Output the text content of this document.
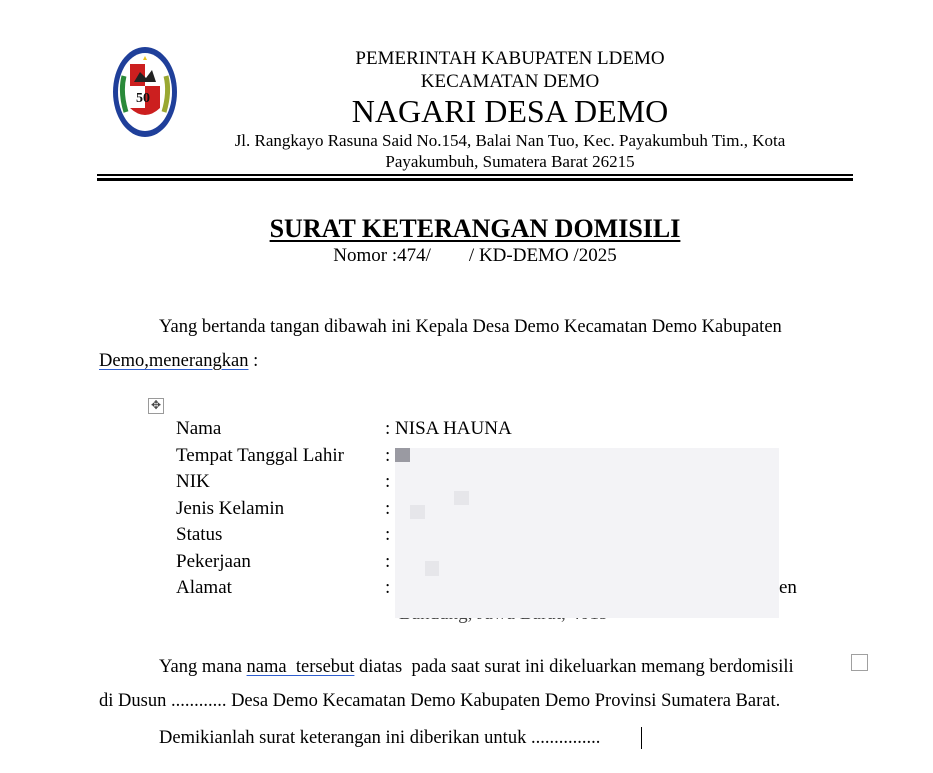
50
PEMERINTAH KABUPATEN LDEMO
KECAMATAN DEMO
NAGARI DESA DEMO
Jl. Rangkayo Rasuna Said No.154, Balai Nan Tuo, Kec. Payakumbuh Tim., Kota
Payakumbuh, Sumatera Barat 26215
SURAT KETERANGAN DOMISILI
Nomor :474/        / KD-DEMO /2025
Yang bertanda tangan dibawah ini Kepala Desa Demo Kecamatan Demo Kabupaten
Demo,menerangkan :
✥
Nama	: NISA HAUNA
Tempat Tanggal Lahir :
NIK	:
Jenis Kelamin	:
Status	:
Pekerjaan	:
Alamat	:	en
Yang mana nama  tersebut diatas  pada saat surat ini dikeluarkan memang berdomisili
di Dusun ............ Desa Demo Kecamatan Demo Kabupaten Demo Provinsi Sumatera Barat.
Demikianlah surat keterangan ini diberikan untuk ...............
